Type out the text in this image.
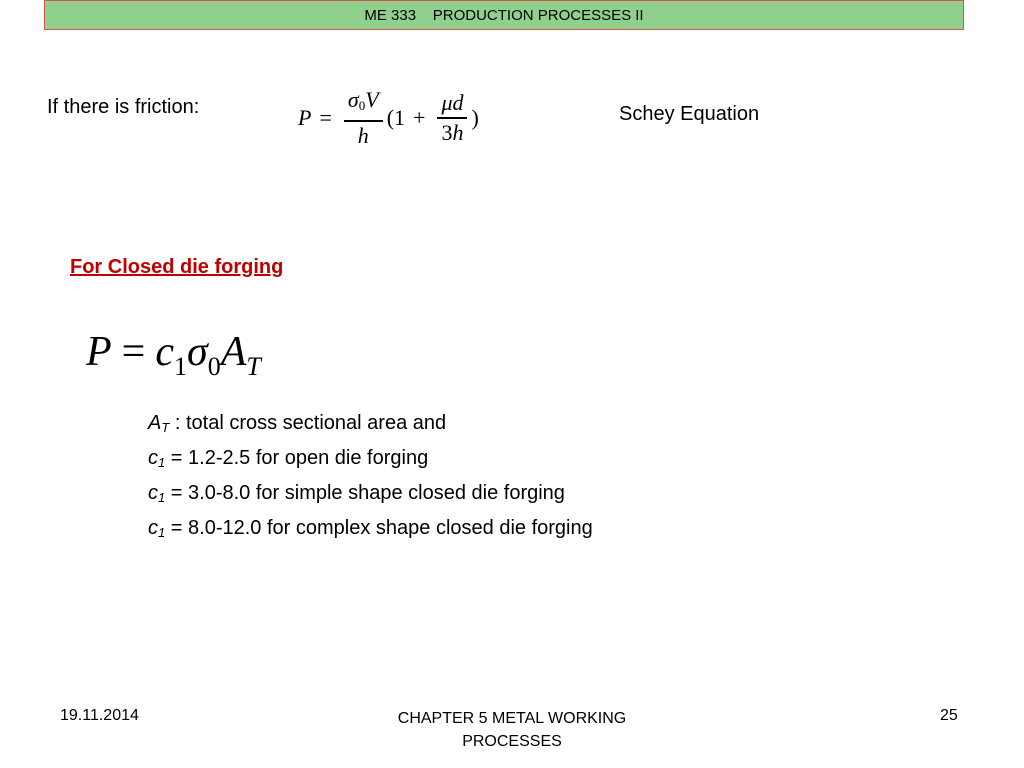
ME 333    PRODUCTION PROCESSES II
If there is friction:	$P = \frac{\sigma_0V}{h} (1 + \frac{\mu d}{3h}$ )	Schey Equation
For Closed die forging
$P = c_1\sigma_0A_T$
AT : total cross sectional area and
c1 = 1.2-2.5 for open die forging
c1 = 3.0-8.0 for simple shape closed die forging
c1 = 8.0-12.0 for complex shape closed die forging
19.11.2014	CHAPTER 5 METAL WORKING PROCESSES
25
